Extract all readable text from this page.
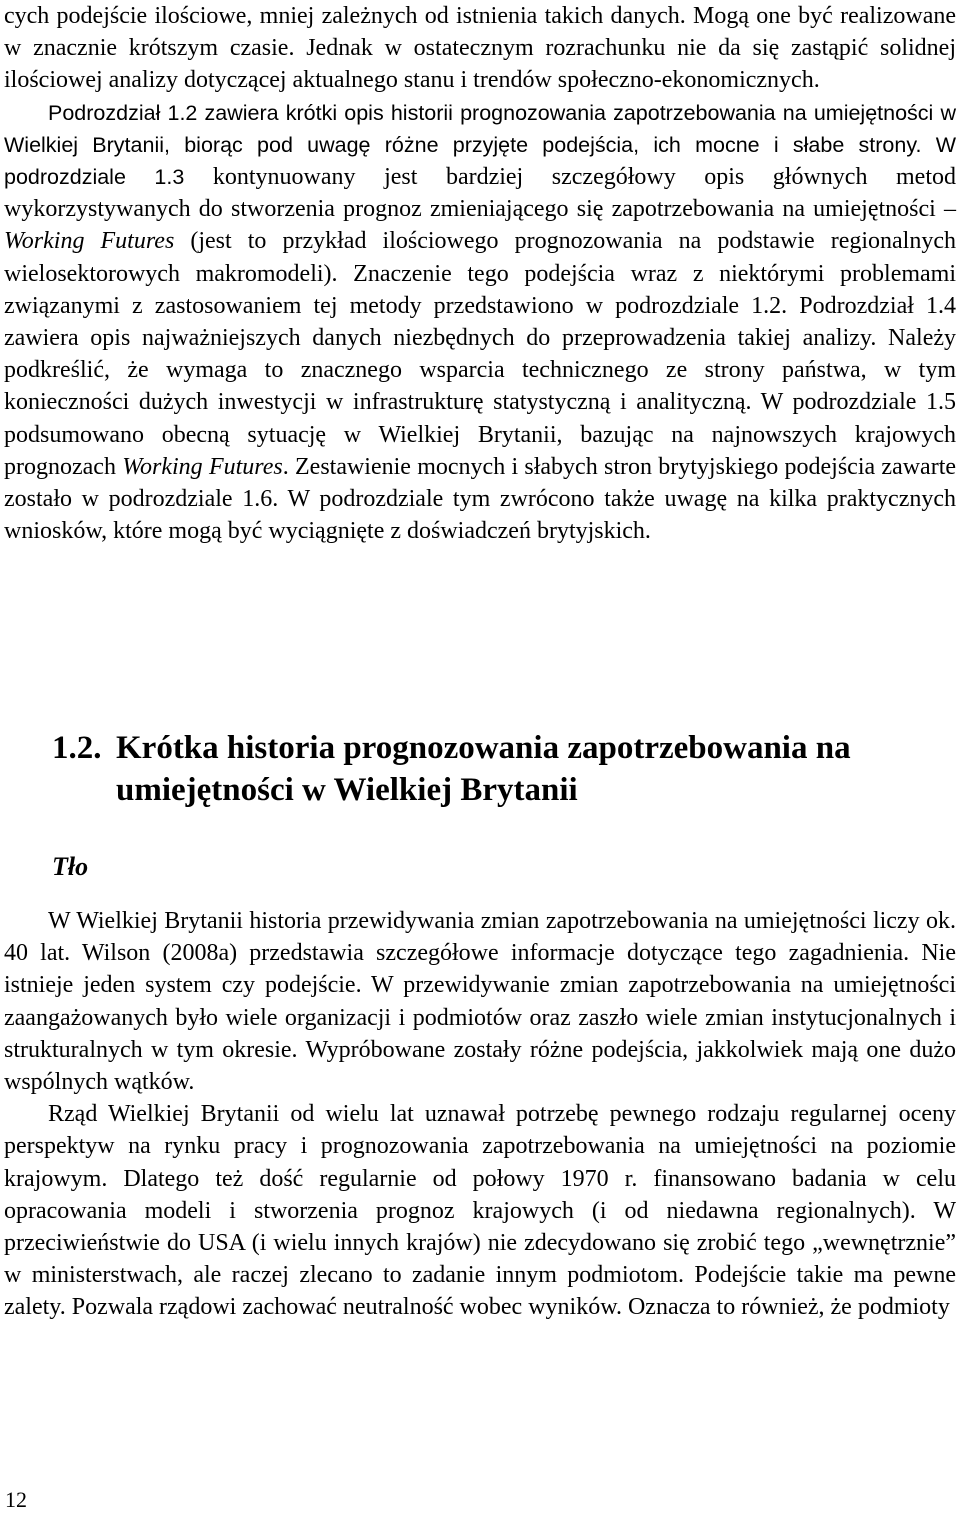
cych podejście ilościowe, mniej zależnych od istnienia takich danych. Mogą one być realizowane w znacznie krótszym czasie. Jednak w ostatecznym rozrachunku nie da się zastąpić solidnej ilościowej analizy dotyczącej aktualnego stanu i trendów społeczno-ekonomicznych.

Podrozdział 1.2 zawiera krótki opis historii prognozowania zapotrzebowania na umiejętności w Wielkiej Brytanii, biorąc pod uwagę różne przyjęte podejścia, ich mocne i słabe strony. W podrozdziale 1.3 kontynuowany jest bardziej szczegółowy opis głównych metod wykorzystywanych do stworzenia prognoz zmieniającego się zapotrzebowania na umiejętności – Working Futures (jest to przykład ilościowego prognozowania na podstawie regionalnych wielosektorowych makromodeli). Znaczenie tego podejścia wraz z niektórymi problemami związanymi z zastosowaniem tej metody przedstawiono w podrozdziale 1.2. Podrozdział 1.4 zawiera opis najważniejszych danych niezbędnych do przeprowadzenia takiej analizy. Należy podkreślić, że wymaga to znacznego wsparcia technicznego ze strony państwa, w tym konieczności dużych inwestycji w infrastrukturę statystyczną i analityczną. W podrozdziale 1.5 podsumowano obecną sytuację w Wielkiej Brytanii, bazując na najnowszych krajowych prognozach Working Futures. Zestawienie mocnych i słabych stron brytyjskiego podejścia zawarte zostało w podrozdziale 1.6. W podrozdziale tym zwrócono także uwagę na kilka praktycznych wniosków, które mogą być wyciągnięte z doświadczeń brytyjskich.

1.2. Krótka historia prognozowania zapotrzebowania na umiejętności w Wielkiej Brytanii
Tło

W Wielkiej Brytanii historia przewidywania zmian zapotrzebowania na umiejętności liczy ok. 40 lat. Wilson (2008a) przedstawia szczegółowe informacje dotyczące tego zagadnienia. Nie istnieje jeden system czy podejście. W przewidywanie zmian zapotrzebowania na umiejętności zaangażowanych było wiele organizacji i podmiotów oraz zaszło wiele zmian instytucjonalnych i strukturalnych w tym okresie. Wypróbowane zostały różne podejścia, jakkolwiek mają one dużo wspólnych wątków.

Rząd Wielkiej Brytanii od wielu lat uznawał potrzebę pewnego rodzaju regularnej oceny perspektyw na rynku pracy i prognozowania zapotrzebowania na umiejętności na poziomie krajowym. Dlatego też dość regularnie od połowy 1970 r. finansowano badania w celu opracowania modeli i stworzenia prognoz krajowych (i od niedawna regionalnych). W przeciwieństwie do USA (i wielu innych krajów) nie zdecydowano się zrobić tego „wewnętrznie” w ministerstwach, ale raczej zlecano to zadanie innym podmiotom. Podejście takie ma pewne zalety. Pozwala rządowi zachować neutralność wobec wyników. Oznacza to również, że podmioty

12
